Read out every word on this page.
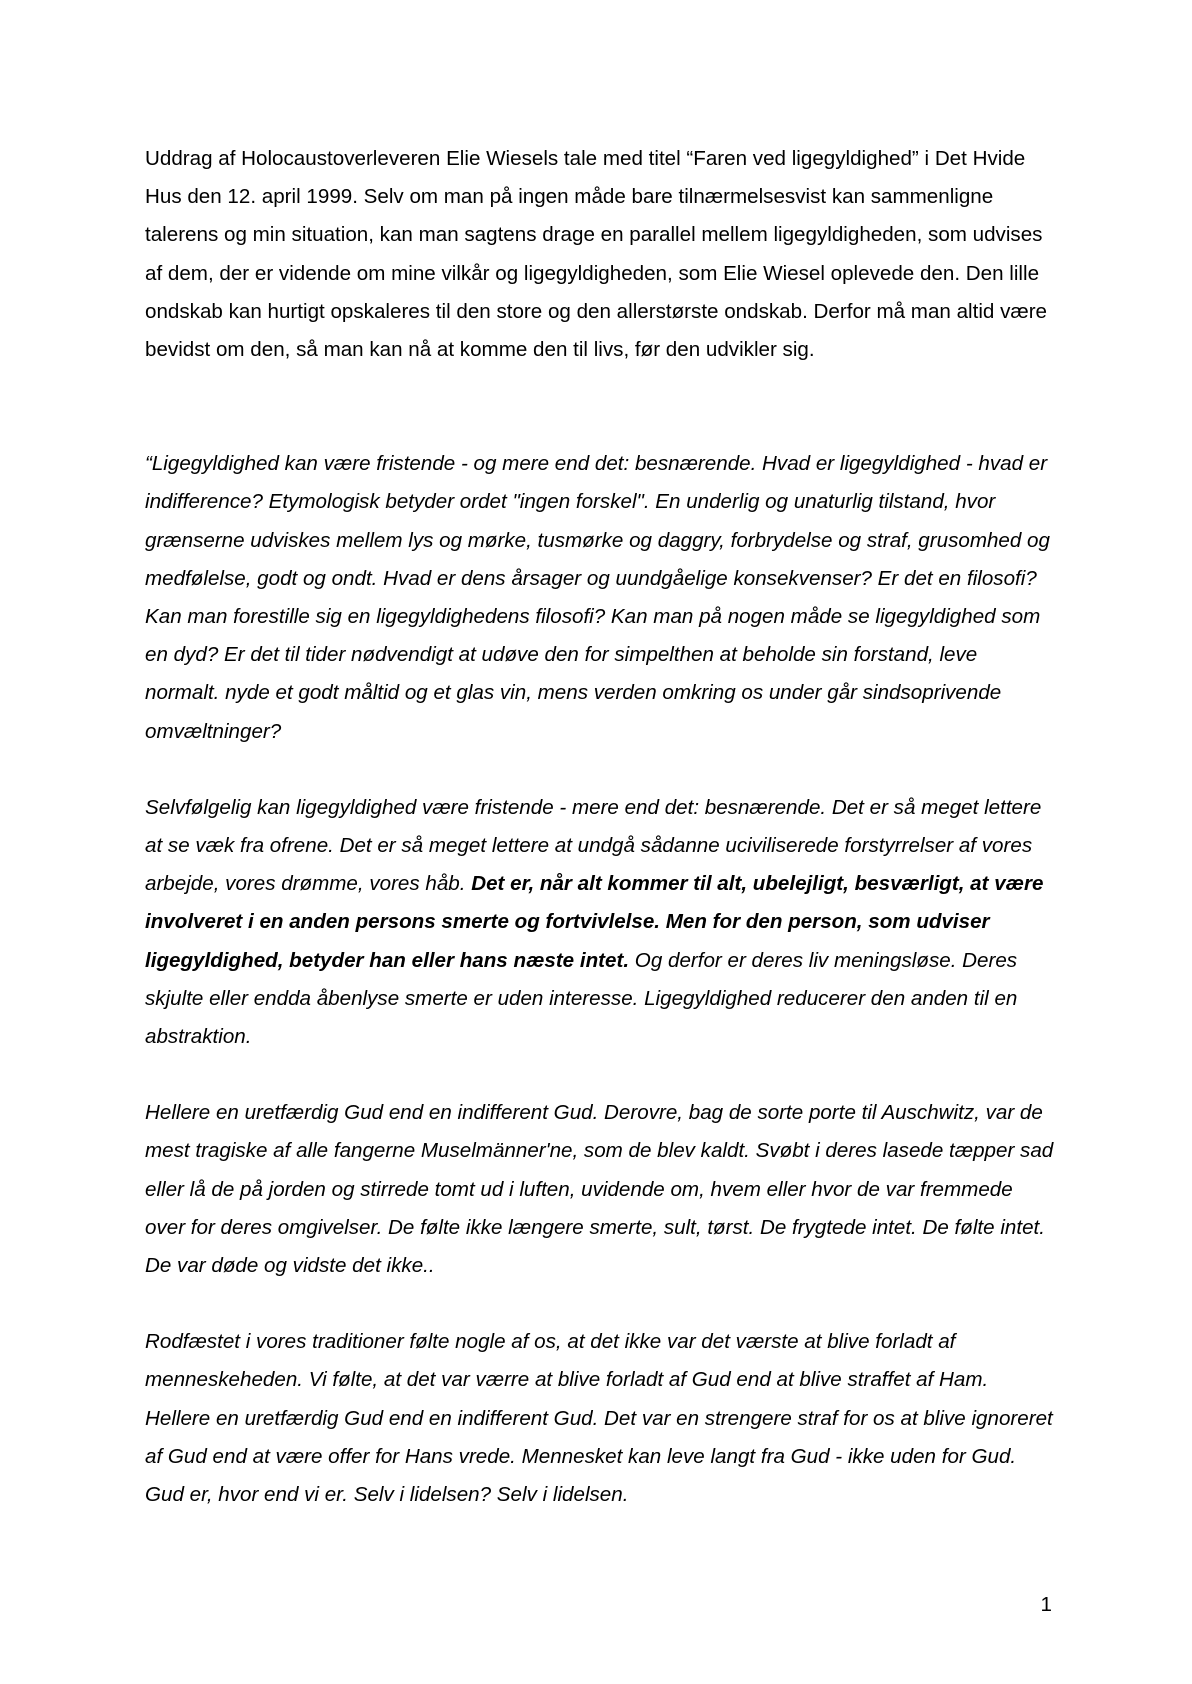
Uddrag af Holocaustoverleveren Elie Wiesels tale med titel “Faren ved ligegyldighed” i Det Hvide Hus den 12. april 1999. Selv om man på ingen måde bare tilnærmelsesvist kan sammenligne talerens og min situation, kan man sagtens drage en parallel mellem ligegyldigheden, som udvises af dem, der er vidende om mine vilkår og ligegyldigheden, som Elie Wiesel oplevede den. Den lille ondskab kan hurtigt opskaleres til den store og den allerstørste ondskab. Derfor må man altid være bevidst om den, så man kan nå at komme den til livs, før den udvikler sig.

“Ligegyldighed kan være fristende - og mere end det: besnærende. Hvad er ligegyldighed - hvad er indifference? Etymologisk betyder ordet "ingen forskel". En underlig og unaturlig tilstand, hvor grænserne udviskes mellem lys og mørke, tusmørke og daggry, forbrydelse og straf, grusomhed og medfølelse, godt og ondt. Hvad er dens årsager og uundgåelige konsekvenser? Er det en filosofi? Kan man forestille sig en ligegyldighedens filosofi? Kan man på nogen måde se ligegyldighed som en dyd? Er det til tider nødvendigt at udøve den for simpelthen at beholde sin forstand, leve normalt. nyde et godt måltid og et glas vin, mens verden omkring os under går sindsoprivende omvæltninger?

Selvfølgelig kan ligegyldighed være fristende - mere end det: besnærende. Det er så meget lettere at se væk fra ofrene. Det er så meget lettere at undgå sådanne uciviliserede forstyrrelser af vores arbejde, vores drømme, vores håb. Det er, når alt kommer til alt, ubelejligt, besværligt, at være involveret i en anden persons smerte og fortvivlelse. Men for den person, som udviser ligegyldighed, betyder han eller hans næste intet. Og derfor er deres liv meningsløse. Deres skjulte eller endda åbenlyse smerte er uden interesse. Ligegyldighed reducerer den anden til en abstraktion.

Hellere en uretfærdig Gud end en indifferent Gud. Derovre, bag de sorte porte til Auschwitz, var de mest tragiske af alle fangerne Muselmänner'ne, som de blev kaldt. Svøbt i deres lasede tæpper sad eller lå de på jorden og stirrede tomt ud i luften, uvidende om, hvem eller hvor de var fremmede over for deres omgivelser. De følte ikke længere smerte, sult, tørst. De frygtede intet. De følte intet. De var døde og vidste det ikke..

Rodfæstet i vores traditioner følte nogle af os, at det ikke var det værste at blive forladt af menneskeheden. Vi følte, at det var værre at blive forladt af Gud end at blive straffet af Ham. Hellere en uretfærdig Gud end en indifferent Gud. Det var en strengere straf for os at blive ignoreret af Gud end at være offer for Hans vrede. Mennesket kan leve langt fra Gud - ikke uden for Gud. Gud er, hvor end vi er. Selv i lidelsen? Selv i lidelsen.

1
